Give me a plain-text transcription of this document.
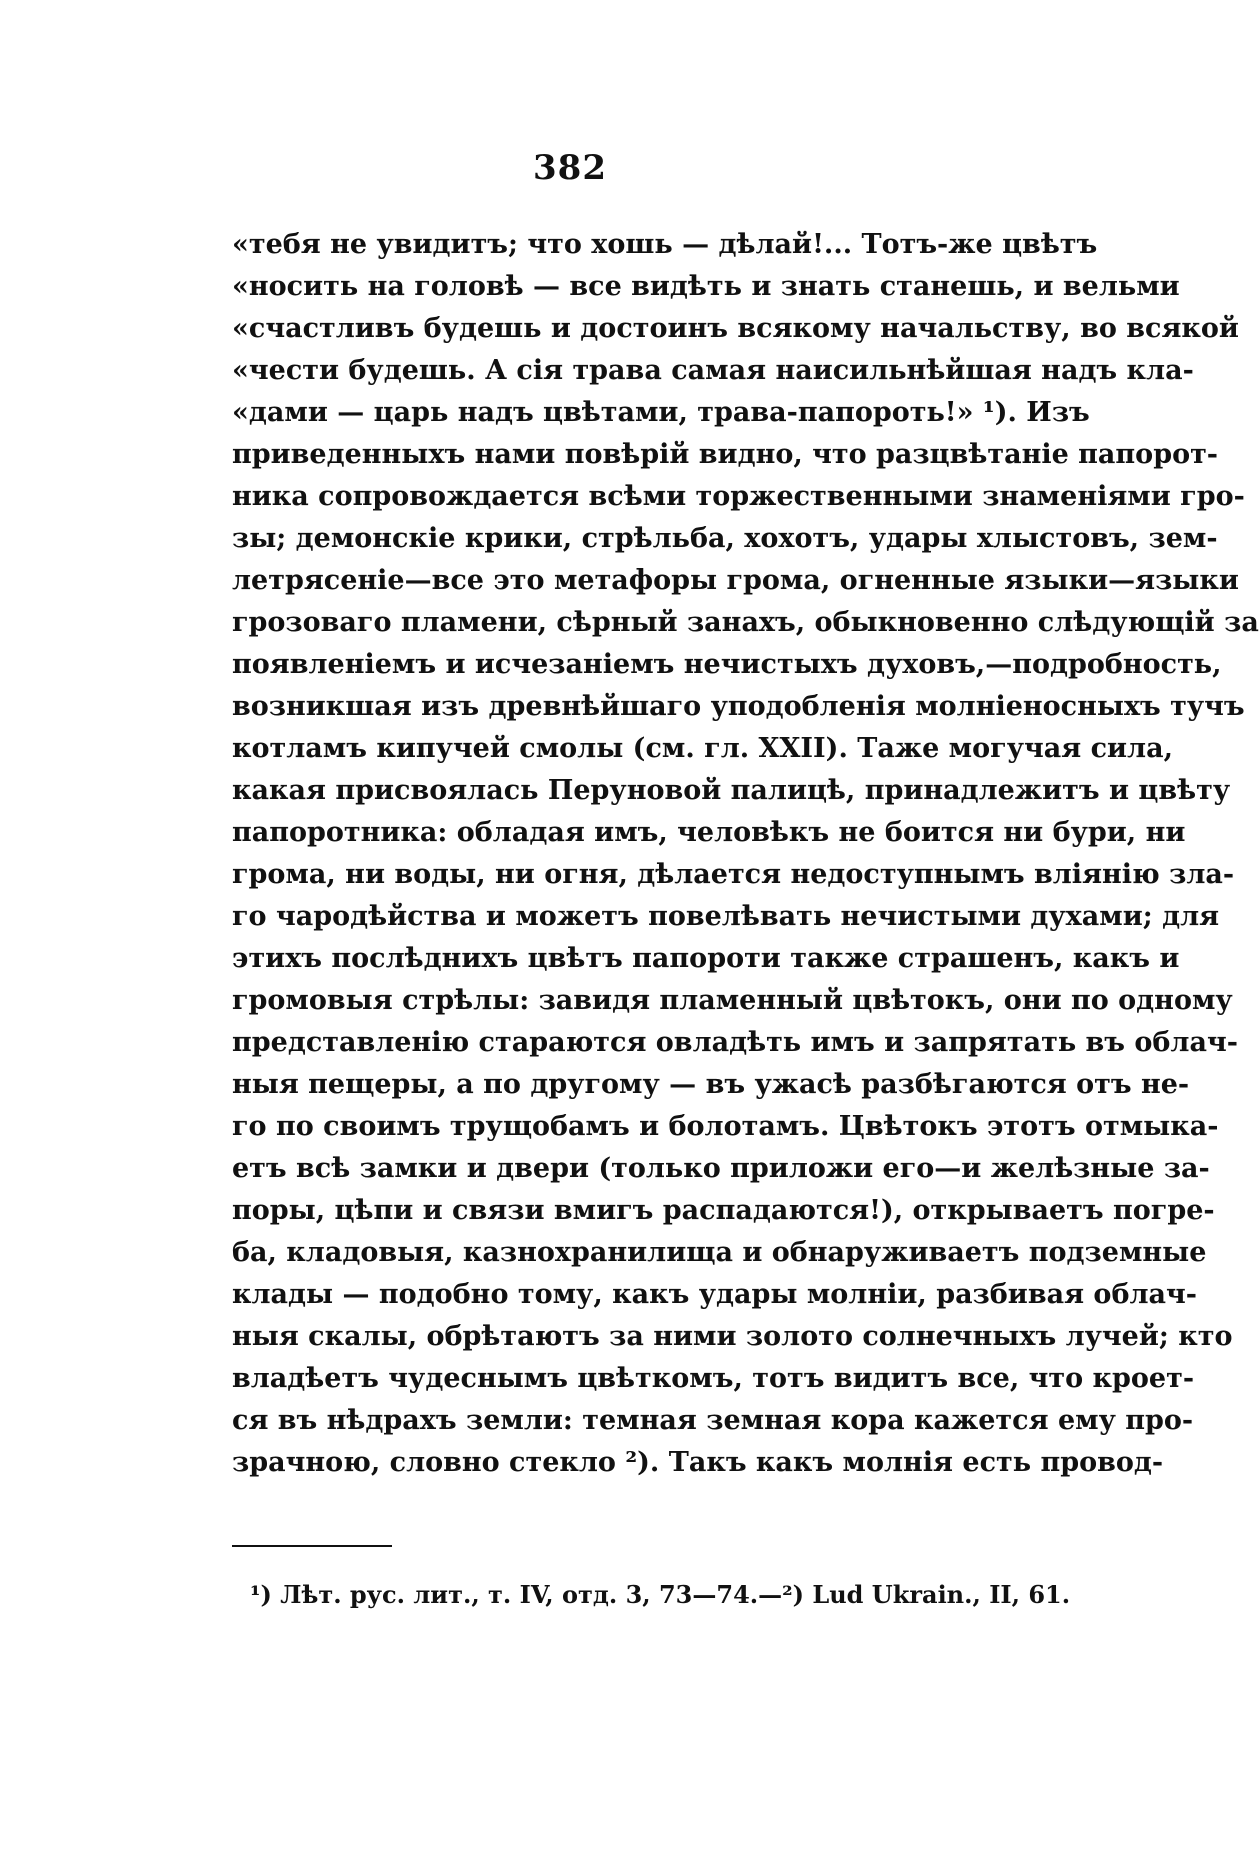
382
«тебя не увидитъ; что хошь — дѣлай!... Тотъ-же цвѣтъ
«носить на головѣ — все видѣть и знать станешь, и вельми
«счастливъ будешь и достоинъ всякому начальству, во всякой
«чести будешь. А сія трава самая наисильнѣйшая надъ кла-
«дами — царь надъ цвѣтами, трава-папороть!» ¹). Изъ
приведенныхъ нами повѣрій видно, что разцвѣтаніе папорот-
ника сопровождается всѣми торжественными знаменіями гро-
зы; демонскіе крики, стрѣльба, хохотъ, удары хлыстовъ, зем-
летрясеніе—все это метафоры грома, огненные языки—языки
грозоваго пламени, сѣрный занахъ, обыкновенно слѣдующій за
появленіемъ и исчезаніемъ нечистыхъ духовъ,—подробность,
возникшая изъ древнѣйшаго уподобленія молніеносныхъ тучъ
котламъ кипучей смолы (см. гл. XXII). Таже могучая сила,
какая присвоялась Перуновой палицѣ, принадлежитъ и цвѣту
папоротника: обладая имъ, человѣкъ не боится ни бури, ни
грома, ни воды, ни огня, дѣлается недоступнымъ вліянію зла-
го чародѣйства и можетъ повелѣвать нечистыми духами; для
этихъ послѣднихъ цвѣтъ папороти также страшенъ, какъ и
громовыя стрѣлы: завидя пламенный цвѣтокъ, они по одному
представленію стараются овладѣть имъ и запрятать въ облач-
ныя пещеры, а по другому — въ ужасѣ разбѣгаются отъ не-
го по своимъ трущобамъ и болотамъ. Цвѣтокъ этотъ отмыка-
етъ всѣ замки и двери (только приложи его—и желѣзные за-
поры, цѣпи и связи вмигъ распадаются!), открываетъ погре-
ба, кладовыя, казнохранилища и обнаруживаетъ подземные
клады — подобно тому, какъ удары молніи, разбивая облач-
ныя скалы, обрѣтаютъ за ними золото солнечныхъ лучей; кто
владѣетъ чудеснымъ цвѣткомъ, тотъ видитъ все, что кроет-
ся въ нѣдрахъ земли: темная земная кора кажется ему про-
зрачною, словно стекло ²). Такъ какъ молнія есть провод-
¹) Лѣт. рус. лит., т. IV, отд. 3, 73—74.—²) Lud Ukrain., II, 61.
